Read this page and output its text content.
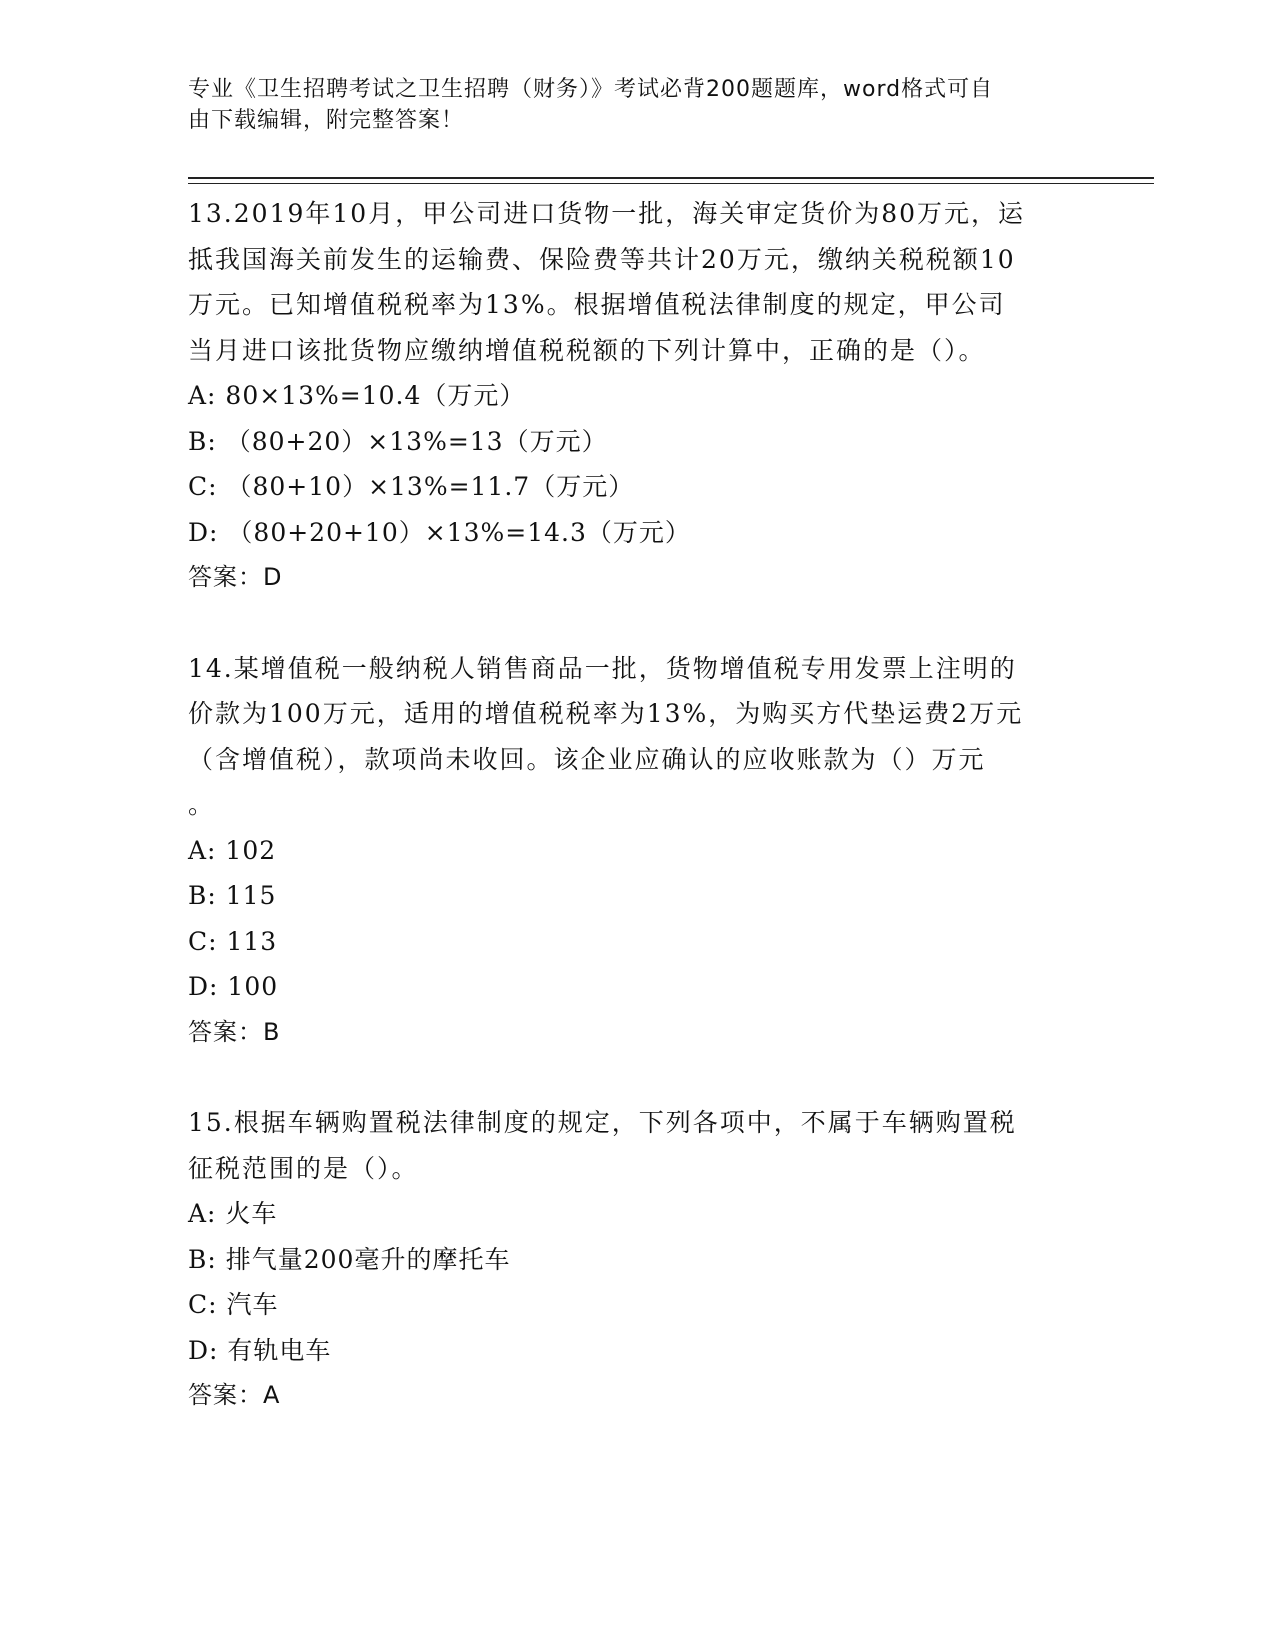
专业《卫生招聘考试之卫生招聘（财务）》考试必背200题题库，word格式可自
由下载编辑，附完整答案！

13.2019年10月，甲公司进口货物一批，海关审定货价为80万元，运

抵我国海关前发生的运输费、保险费等共计20万元，缴纳关税税额10

万元。已知增值税税率为13%。根据增值税法律制度的规定，甲公司

当月进口该批货物应缴纳增值税税额的下列计算中，正确的是（）。

A: 80×13%=10.4（万元）

B: （80+20）×13%=13（万元）

C: （80+10）×13%=11.7（万元）

D: （80+20+10）×13%=14.3（万元）

答案：D

14.某增值税一般纳税人销售商品一批，货物增值税专用发票上注明的

价款为100万元，适用的增值税税率为13%，为购买方代垫运费2万元

（含增值税），款项尚未收回。该企业应确认的应收账款为（）万元

。

A: 102

B: 115

C: 113

D: 100

答案：B

15.根据车辆购置税法律制度的规定，下列各项中，不属于车辆购置税

征税范围的是（）。

A: 火车

B: 排气量200毫升的摩托车

C: 汽车

D: 有轨电车

答案：A
